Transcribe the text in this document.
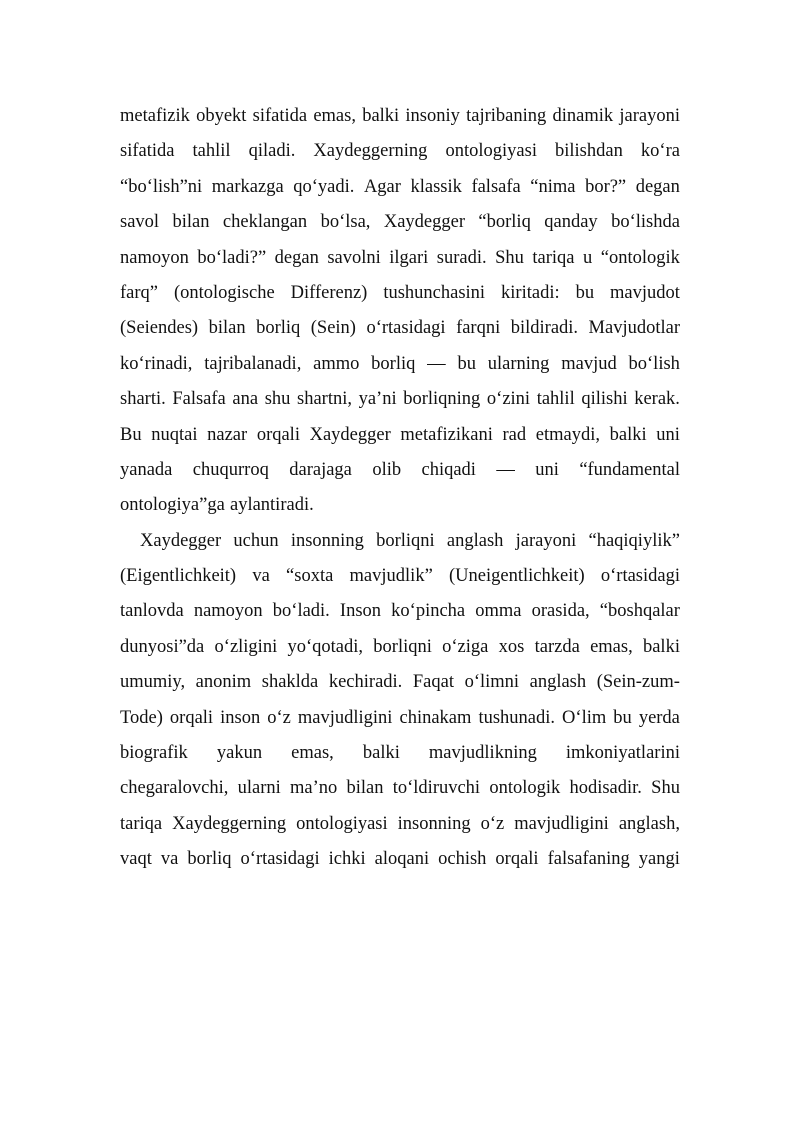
metafizik obyekt sifatida emas, balki insoniy tajribaning dinamik jarayoni
sifatida tahlil qiladi. Xaydeggerning ontologiyasi bilishdan ko‘ra
“bo‘lish”ni markazga qo‘yadi. Agar klassik falsafa “nima bor?” degan
savol bilan cheklangan bo‘lsa, Xaydegger “borliq qanday bo‘lishda
namoyon bo‘ladi?” degan savolni ilgari suradi. Shu tariqa u “ontologik
farq” (ontologische Differenz) tushunchasini kiritadi: bu mavjudot
(Seiendes) bilan borliq (Sein) o‘rtasidagi farqni bildiradi. Mavjudotlar
ko‘rinadi, tajribalanadi, ammo borliq — bu ularning mavjud bo‘lish
sharti. Falsafa ana shu shartni, ya’ni borliqning o‘zini tahlil qilishi kerak.
Bu nuqtai nazar orqali Xaydegger metafizikani rad etmaydi, balki uni
yanada chuqurroq darajaga olib chiqadi — uni “fundamental
ontologiya”ga aylantiradi.
Xaydegger uchun insonning borliqni anglash jarayoni “haqiqiylik”
(Eigentlichkeit) va “soxta mavjudlik” (Uneigentlichkeit) o‘rtasidagi
tanlovda namoyon bo‘ladi. Inson ko‘pincha omma orasida, “boshqalar
dunyosi”da o‘zligini yo‘qotadi, borliqni o‘ziga xos tarzda emas, balki
umumiy, anonim shaklda kechiradi. Faqat o‘limni anglash (Sein-zum-
Tode) orqali inson o‘z mavjudligini chinakam tushunadi. O‘lim bu yerda
biografik yakun emas, balki mavjudlikning imkoniyatlarini
chegaralovchi, ularni ma’no bilan to‘ldiruvchi ontologik hodisadir. Shu
tariqa Xaydeggerning ontologiyasi insonning o‘z mavjudligini anglash,
vaqt va borliq o‘rtasidagi ichki aloqani ochish orqali falsafaning yangi
